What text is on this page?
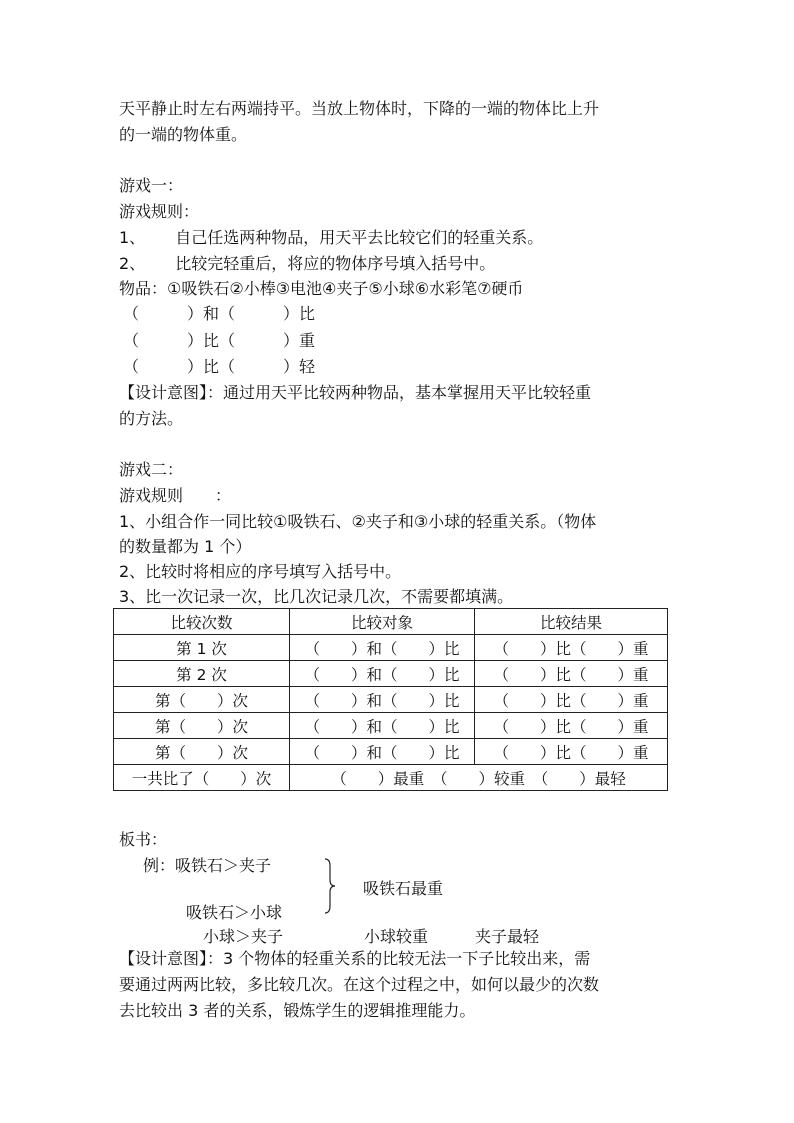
天平静止时左右两端持平。当放上物体时，下降的一端的物体比上升
的一端的物体重。
游戏一：
游戏规则：
1、 自己任选两种物品，用天平去比较它们的轻重关系。
2、 比较完轻重后，将应的物体序号填入括号中。
物品：①吸铁石②小棒③电池④夹子⑤小球⑥水彩笔⑦硬币
（　　　）和（　　　）比
（　　　）比（　　　）重
（　　　）比（　　　）轻
【设计意图】：通过用天平比较两种物品，基本掌握用天平比较轻重
的方法。
游戏二：
游戏规则　　：
1、小组合作一同比较①吸铁石、②夹子和③小球的轻重关系。（物体
的数量都为 1 个）
2、比较时将相应的序号填写入括号中。
3、比一次记录一次，比几次记录几次，不需要都填满。
比较次数	比较对象	比较结果
第 1 次	（　　）和（　　）比	（　　）比（　　）重
第 2 次	（　　）和（　　）比	（　　）比（　　）重
第（　　）次	（　　）和（　　）比	（　　）比（　　）重
第（　　）次	（　　）和（　　）比	（　　）比（　　）重
第（　　）次	（　　）和（　　）比	（　　）比（　　）重
一共比了（　　）次	（　　）最重　（　　）较重　（　　）最轻	
板书：
例：吸铁石＞夹子
吸铁石最重
吸铁石＞小球
小球＞夹子	小球较重	夹子最轻
【设计意图】：3 个物体的轻重关系的比较无法一下子比较出来，需
要通过两两比较，多比较几次。在这个过程之中，如何以最少的次数
去比较出 3 者的关系，锻炼学生的逻辑推理能力。
